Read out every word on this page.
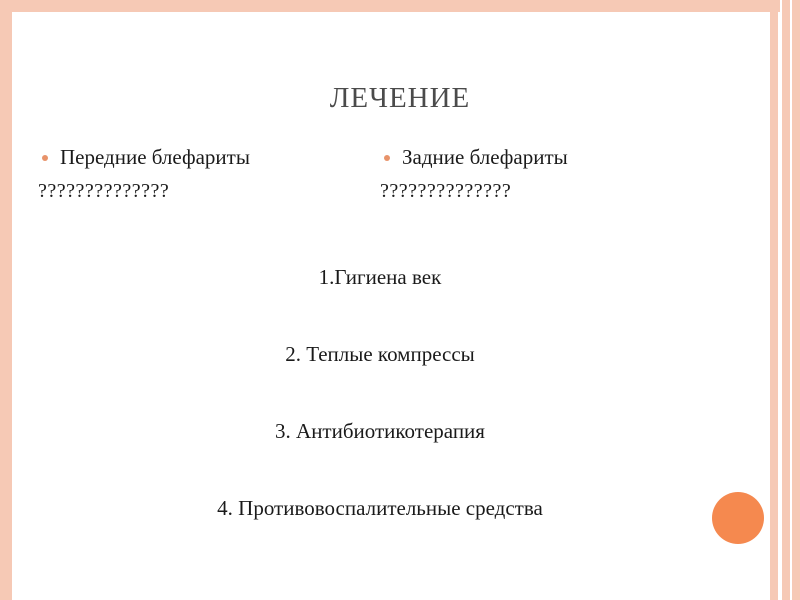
ЛЕЧЕНИЕ
Передние блефариты
??????????????
Задние блефариты
??????????????
1.Гигиена век
2. Теплые компрессы
3. Антибиотикотерапия
4. Противовоспалительные средства
